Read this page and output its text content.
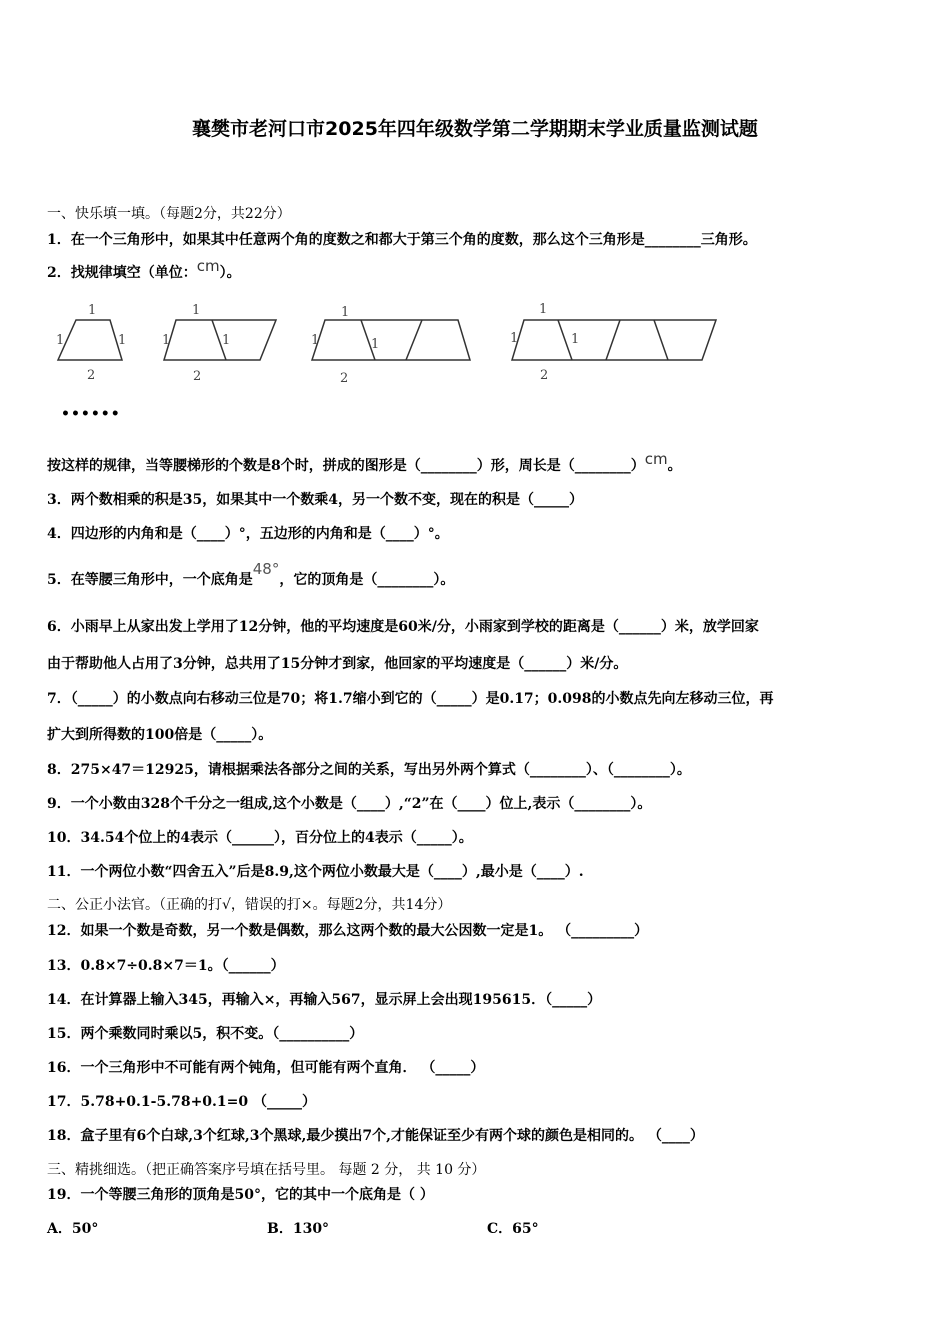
襄樊市老河口市2025年四年级数学第二学期期末学业质量监测试题
一、快乐填一填。（每题2分，共22分）
1．在一个三角形中，如果其中任意两个角的度数之和都大于第三个角的度数，那么这个三角形是________三角形。
2．找规律填空（单位：cm）。
1
1	1
2
1
1	1
2
1
1	1
2
1
1	1
2
••••••
按这样的规律，当等腰梯形的个数是8个时，拼成的图形是（________）形，周长是（________）cm。
3．两个数相乘的积是35，如果其中一个数乘4，另一个数不变，现在的积是（_____）
4．四边形的内角和是（____）°，五边形的内角和是（____）°。
5．在等腰三角形中，一个底角是48°，它的顶角是（________）。
6．小雨早上从家出发上学用了12分钟，他的平均速度是60米/分，小雨家到学校的距离是（______）米，放学回家
由于帮助他人占用了3分钟，总共用了15分钟才到家，他回家的平均速度是（______）米/分。
7．（_____）的小数点向右移动三位是70；将1.7缩小到它的（_____）是0.17；0.098的小数点先向左移动三位，再
扩大到所得数的100倍是（_____）。
8．275×47＝12925，请根据乘法各部分之间的关系，写出另外两个算式（________）、（________）。
9．一个小数由328个千分之一组成,这个小数是（____）,“2”在（____）位上,表示（________）。
10．34.54个位上的4表示（______），百分位上的4表示（_____）。
11．一个两位小数“四舍五入”后是8.9,这个两位小数最大是（____）,最小是（____）.
二、公正小法官。（正确的打√，错误的打×。每题2分，共14分）
12．如果一个数是奇数，另一个数是偶数，那么这两个数的最大公因数一定是1。 （_________）
13．0.8×7÷0.8×7＝1。（______）
14．在计算器上输入345，再输入×，再输入567，显示屏上会出现195615．（_____）
15．两个乘数同时乘以5，积不变。（__________）
16．一个三角形中不可能有两个钝角，但可能有两个直角． （_____）
17．5.78+0.1-5.78+0.1=0 （_____）
18．盒子里有6个白球,3个红球,3个黑球,最少摸出7个,才能保证至少有两个球的颜色是相同的。 （____）
三、精挑细选。（把正确答案序号填在括号里。 每题 2 分， 共 10 分）
19．一个等腰三角形的顶角是50°，它的其中一个底角是（ ）
A．50°	B．130°	C．65°
